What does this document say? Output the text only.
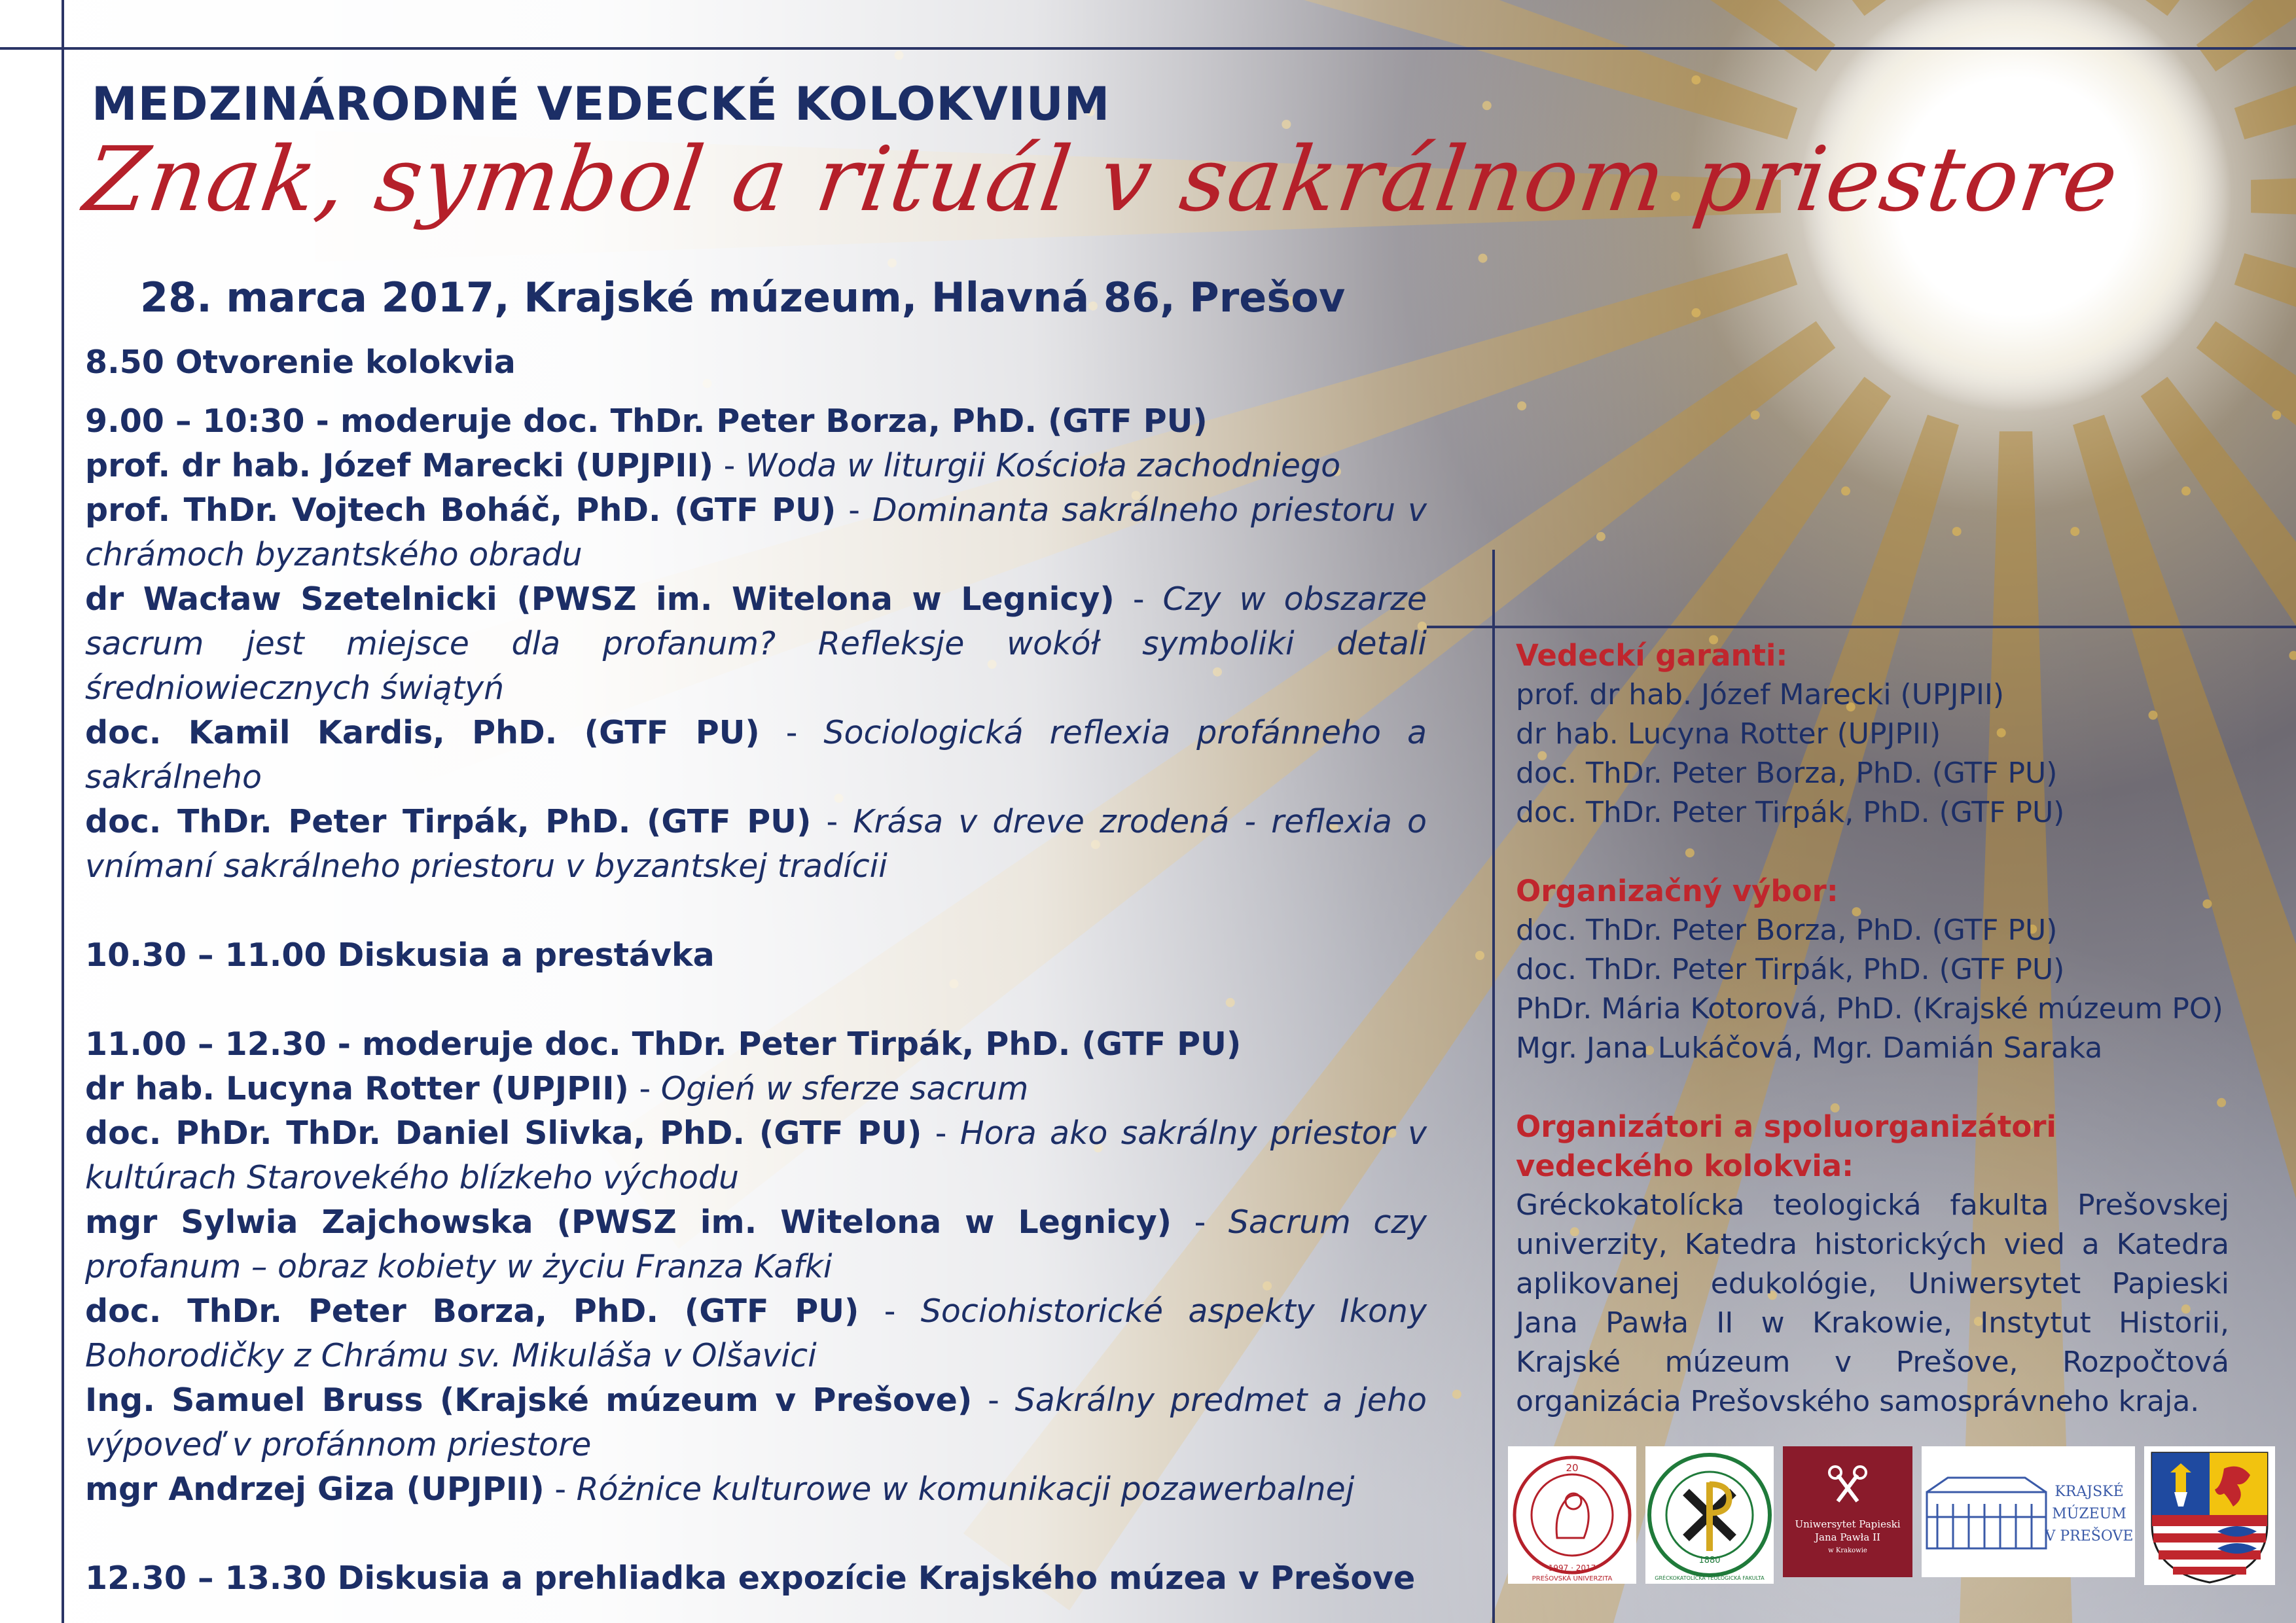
MEDZINÁRODNÉ VEDECKÉ KOLOKVIUM
Znak, symbol a rituál v sakrálnom priestore
28. marca 2017, Krajské múzeum, Hlavná 86, Prešov
8.50 Otvorenie kolokvia
9.00 – 10:30 - moderuje doc. ThDr. Peter Borza, PhD. (GTF PU)
prof. dr hab. Józef Marecki (UPJPII) - Woda w liturgii Kościoła zachodniego
prof. ThDr. Vojtech Boháč, PhD. (GTF PU) - Dominanta sakrálneho priestoru v chrámoch byzantského obradu
dr Wacław Szetelnicki (PWSZ im. Witelona w Legnicy) - Czy w obszarze sacrum jest miejsce dla profanum? Refleksje wokół symboliki detali średniowiecznych świątyń
doc. Kamil Kardis, PhD. (GTF PU) - Sociologická reflexia profánneho a sakrálneho
doc. ThDr. Peter Tirpák, PhD. (GTF PU) - Krása v dreve zrodená - reflexia o vnímaní sakrálneho priestoru v byzantskej tradícii
10.30 – 11.00 Diskusia a prestávka
11.00 – 12.30 - moderuje doc. ThDr. Peter Tirpák, PhD. (GTF PU)
dr hab. Lucyna Rotter (UPJPII) - Ogień w sferze sacrum
doc. PhDr. ThDr. Daniel Slivka, PhD. (GTF PU) - Hora ako sakrálny priestor v kultúrach Starovekého blízkeho východu
mgr Sylwia Zajchowska (PWSZ im. Witelona w Legnicy) - Sacrum czy profanum – obraz kobiety w życiu Franza Kafki
doc. ThDr. Peter Borza, PhD. (GTF PU) - Sociohistorické aspekty Ikony Bohorodičky z Chrámu sv. Mikuláša v Olšavici
Ing. Samuel Bruss (Krajské múzeum v Prešove) - Sakrálny predmet a jeho výpoveď v profánnom priestore
mgr Andrzej Giza (UPJPII) - Różnice kulturowe w komunikacji pozawerbalnej
12.30 – 13.30 Diskusia a prehliadka expozície Krajského múzea v Prešove
Vedeckí garanti:
prof. dr hab. Józef Marecki (UPJPII)
dr hab. Lucyna Rotter (UPJPII)
doc. ThDr. Peter Borza, PhD. (GTF PU)
doc. ThDr. Peter Tirpák, PhD. (GTF PU)
Organizačný výbor:
doc. ThDr. Peter Borza, PhD. (GTF PU)
doc. ThDr. Peter Tirpák, PhD. (GTF PU)
PhDr. Mária Kotorová, PhD. (Krajské múzeum PO)
Mgr. Jana Lukáčová, Mgr. Damián Saraka
Organizátori a spoluorganizátori vedeckého kolokvia:
Gréckokatolícka teologická fakulta Prešovskej univerzity, Katedra historických vied a Katedra aplikovanej edukológie, Uniwersytet Papieski Jana Pawła II w Krakowie, Instytut Historii, Krajské múzeum v Prešove, Rozpočtová organizácia Prešovského samosprávneho kraja.
20
1997 · 2017
PREŠOVSKÁ UNIVERZITA
1880
GRÉCKOKATOLÍCKA TEOLOGICKÁ FAKULTA
Uniwersytet Papieski
Jana Pawła II
w Krakowie
KRAJSKÉ
MÚZEUM
V PREŠOVE
